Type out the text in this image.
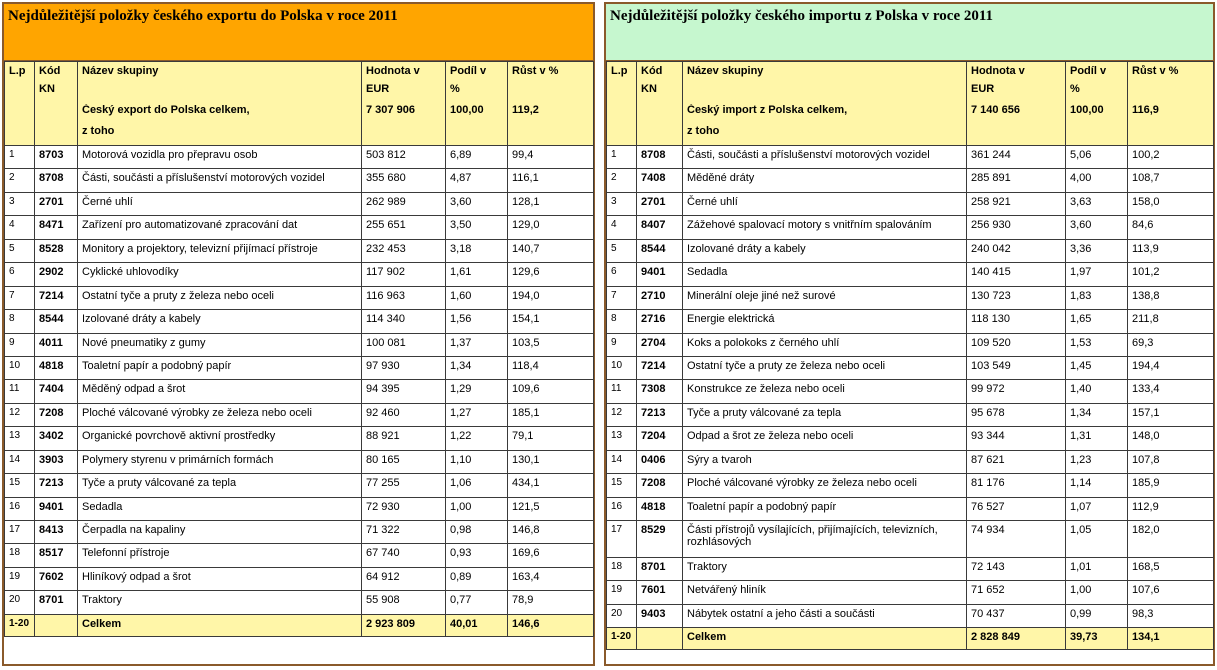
Nejdůležitější položky českého exportu do Polska v roce 2011
L.p	Kód	Název skupiny	Hodnota v	Podíl v	Růst v %
	KN		EUR	%	
		Český export do Polska celkem,	7 307 906	100,00	119,2
		z toho			
1	8703	Motorová vozidla pro přepravu osob	503 812	6,89	99,4
2	8708	Části, součásti a příslušenství motorových vozidel	355 680	4,87	116,1
3	2701	Černé uhlí	262 989	3,60	128,1
4	8471	Zařízení pro automatizované zpracování dat	255 651	3,50	129,0
5	8528	Monitory a projektory, televizní přijímací přístroje	232 453	3,18	140,7
6	2902	Cyklické uhlovodíky	117 902	1,61	129,6
7	7214	Ostatní tyče a pruty z železa nebo oceli	116 963	1,60	194,0
8	8544	Izolované dráty a kabely	114 340	1,56	154,1
9	4011	Nové pneumatiky z gumy	100 081	1,37	103,5
10	4818	Toaletní papír a podobný papír	97 930	1,34	118,4
11	7404	Měděný odpad a šrot	94 395	1,29	109,6
12	7208	Ploché válcované výrobky ze železa nebo oceli	92 460	1,27	185,1
13	3402	Organické povrchově aktivní prostředky	88 921	1,22	79,1
14	3903	Polymery styrenu v primárních formách	80 165	1,10	130,1
15	7213	Tyče a pruty válcované za tepla	77 255	1,06	434,1
16	9401	Sedadla	72 930	1,00	121,5
17	8413	Čerpadla na kapaliny	71 322	0,98	146,8
18	8517	Telefonní přístroje	67 740	0,93	169,6
19	7602	Hliníkový odpad a šrot	64 912	0,89	163,4
20	8701	Traktory	55 908	0,77	78,9
1-20		Celkem	2 923 809	40,01	146,6
Nejdůležitější položky českého importu z Polska v roce 2011
L.p	Kód	Název skupiny	Hodnota v	Podíl v	Růst v %
	KN		EUR	%	
		Český import z Polska celkem,	7 140 656	100,00	116,9
		z toho			
1	8708	Části, součásti a příslušenství motorových vozidel	361 244	5,06	100,2
2	7408	Měděné dráty	285 891	4,00	108,7
3	2701	Černé uhlí	258 921	3,63	158,0
4	8407	Zážehové spalovací motory s vnitřním spalováním	256 930	3,60	84,6
5	8544	Izolované dráty a kabely	240 042	3,36	113,9
6	9401	Sedadla	140 415	1,97	101,2
7	2710	Minerální oleje jiné než surové	130 723	1,83	138,8
8	2716	Energie elektrická	118 130	1,65	211,8
9	2704	Koks a polokoks z černého uhlí	109 520	1,53	69,3
10	7214	Ostatní tyče a pruty ze železa nebo oceli	103 549	1,45	194,4
11	7308	Konstrukce ze železa nebo oceli	99 972	1,40	133,4
12	7213	Tyče a pruty válcované za tepla	95 678	1,34	157,1
13	7204	Odpad a šrot ze železa nebo oceli	93 344	1,31	148,0
14	0406	Sýry a tvaroh	87 621	1,23	107,8
15	7208	Ploché válcované výrobky ze železa nebo oceli	81 176	1,14	185,9
16	4818	Toaletní papír a podobný papír	76 527	1,07	112,9
17	8529	Části přístrojů vysílajících, přijímajících, televizních, rozhlásových	74 934	1,05	182,0
18	8701	Traktory	72 143	1,01	168,5
19	7601	Netvářený hliník	71 652	1,00	107,6
20	9403	Nábytek ostatní a jeho části a součásti	70 437	0,99	98,3
1-20		Celkem	2 828 849	39,73	134,1
